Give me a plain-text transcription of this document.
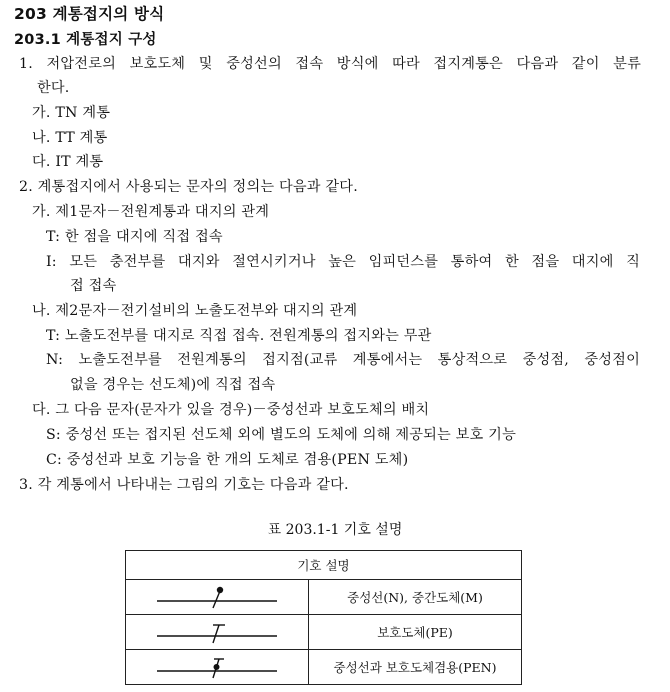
203 계통접지의 방식
203.1 계통접지 구성
1. 저압전로의 보호도체 및 중성선의 접속 방식에 따라 접지계통은 다음과 같이 분류
한다.
가. TN 계통
나. TT 계통
다. IT 계통
2. 계통접지에서 사용되는 문자의 정의는 다음과 같다.
가. 제1문자－전원계통과 대지의 관계
T: 한 점을 대지에 직접 접속
I: 모든 충전부를 대지와 절연시키거나 높은 임피던스를 통하여 한 점을 대지에 직
접 접속
나. 제2문자－전기설비의 노출도전부와 대지의 관계
T: 노출도전부를 대지로 직접 접속. 전원계통의 접지와는 무관
N: 노출도전부를 전원계통의 접지점(교류 계통에서는 통상적으로 중성점, 중성점이
없을 경우는 선도체)에 직접 접속
다. 그 다음 문자(문자가 있을 경우)－중성선과 보호도체의 배치
S: 중성선 또는 접지된 선도체 외에 별도의 도체에 의해 제공되는 보호 기능
C: 중성선과 보호 기능을 한 개의 도체로 겸용(PEN 도체)
3. 각 계통에서 나타내는 그림의 기호는 다음과 같다.
표 203.1-1 기호 설명
기호 설명	

	중성선(N), 중간도체(M)

	보호도체(PE)

	중성선과 보호도체겸용(PEN)
